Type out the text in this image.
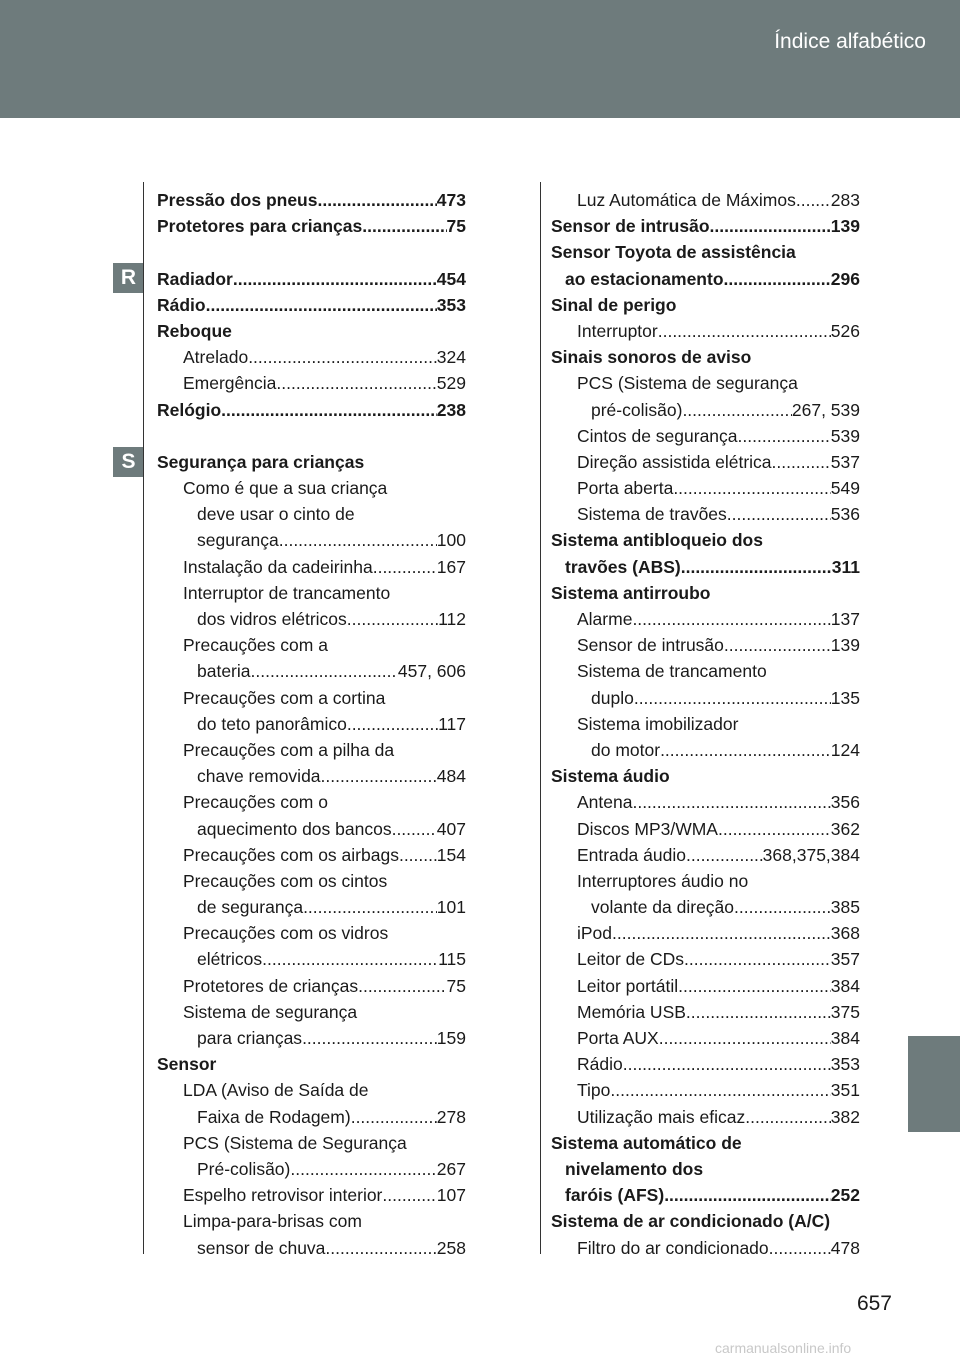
Índice alfabético
R
S
Pressão dos pneus .....	473
Protetores para crianças .....	75
Radiador .....	454
Rádio .....	353
Reboque
Atrelado .....	324
Emergência .....	529
Relógio .....	238
Segurança para crianças
Como é que a sua criança
deve usar o cinto de
segurança .....	100
Instalação da cadeirinha .....	167
Interruptor de trancamento
dos vidros elétricos .....	112
Precauções com a
bateria .....	457, 606
Precauções com a cortina
do teto panorâmico .....	117
Precauções com a pilha da
chave removida .....	484
Precauções com o
aquecimento dos bancos .....	407
Precauções com os airbags ..... 154
Precauções com os cintos
de segurança .....	101
Precauções com os vidros
elétricos .....	115
Protetores de crianças .....	75
Sistema de segurança
para crianças .....	159
Sensor
LDA (Aviso de Saída de
Faixa de Rodagem) .....	278
PCS (Sistema de Segurança
Pré-colisão) .....	267
Espelho retrovisor interior .....	107
Limpa-para-brisas com
sensor de chuva .....	258
Luz Automática de Máximos ..... 283
Sensor de intrusão .....	139
Sensor Toyota de assistência
ao estacionamento .....	296
Sinal de perigo
Interruptor .....	526
Sinais sonoros de aviso
PCS (Sistema de segurança
pré-colisão) .....	267, 539
Cintos de segurança .....	539
Direção assistida elétrica .....	537
Porta aberta .....	549
Sistema de travões .....	536
Sistema antibloqueio dos
travões (ABS) .....	311
Sistema antirroubo
Alarme .....	137
Sensor de intrusão .....	139
Sistema de trancamento
duplo .....	135
Sistema imobilizador
do motor .....	124
Sistema áudio
Antena .....	356
Discos MP3/WMA .....	362
Entrada áudio .....	368,375,384
Interruptores áudio no
volante da direção .....	385
iPod .....	368
Leitor de CDs .....	357
Leitor portátil .....	384
Memória USB .....	375
Porta AUX .....	384
Rádio .....	353
Tipo .....	351
Utilização mais eficaz .....	382
Sistema automático de
nivelamento dos
faróis (AFS) .....	252
Sistema de ar condicionado (A/C)
Filtro do ar condicionado .....	478
657
carmanualsonline.info
